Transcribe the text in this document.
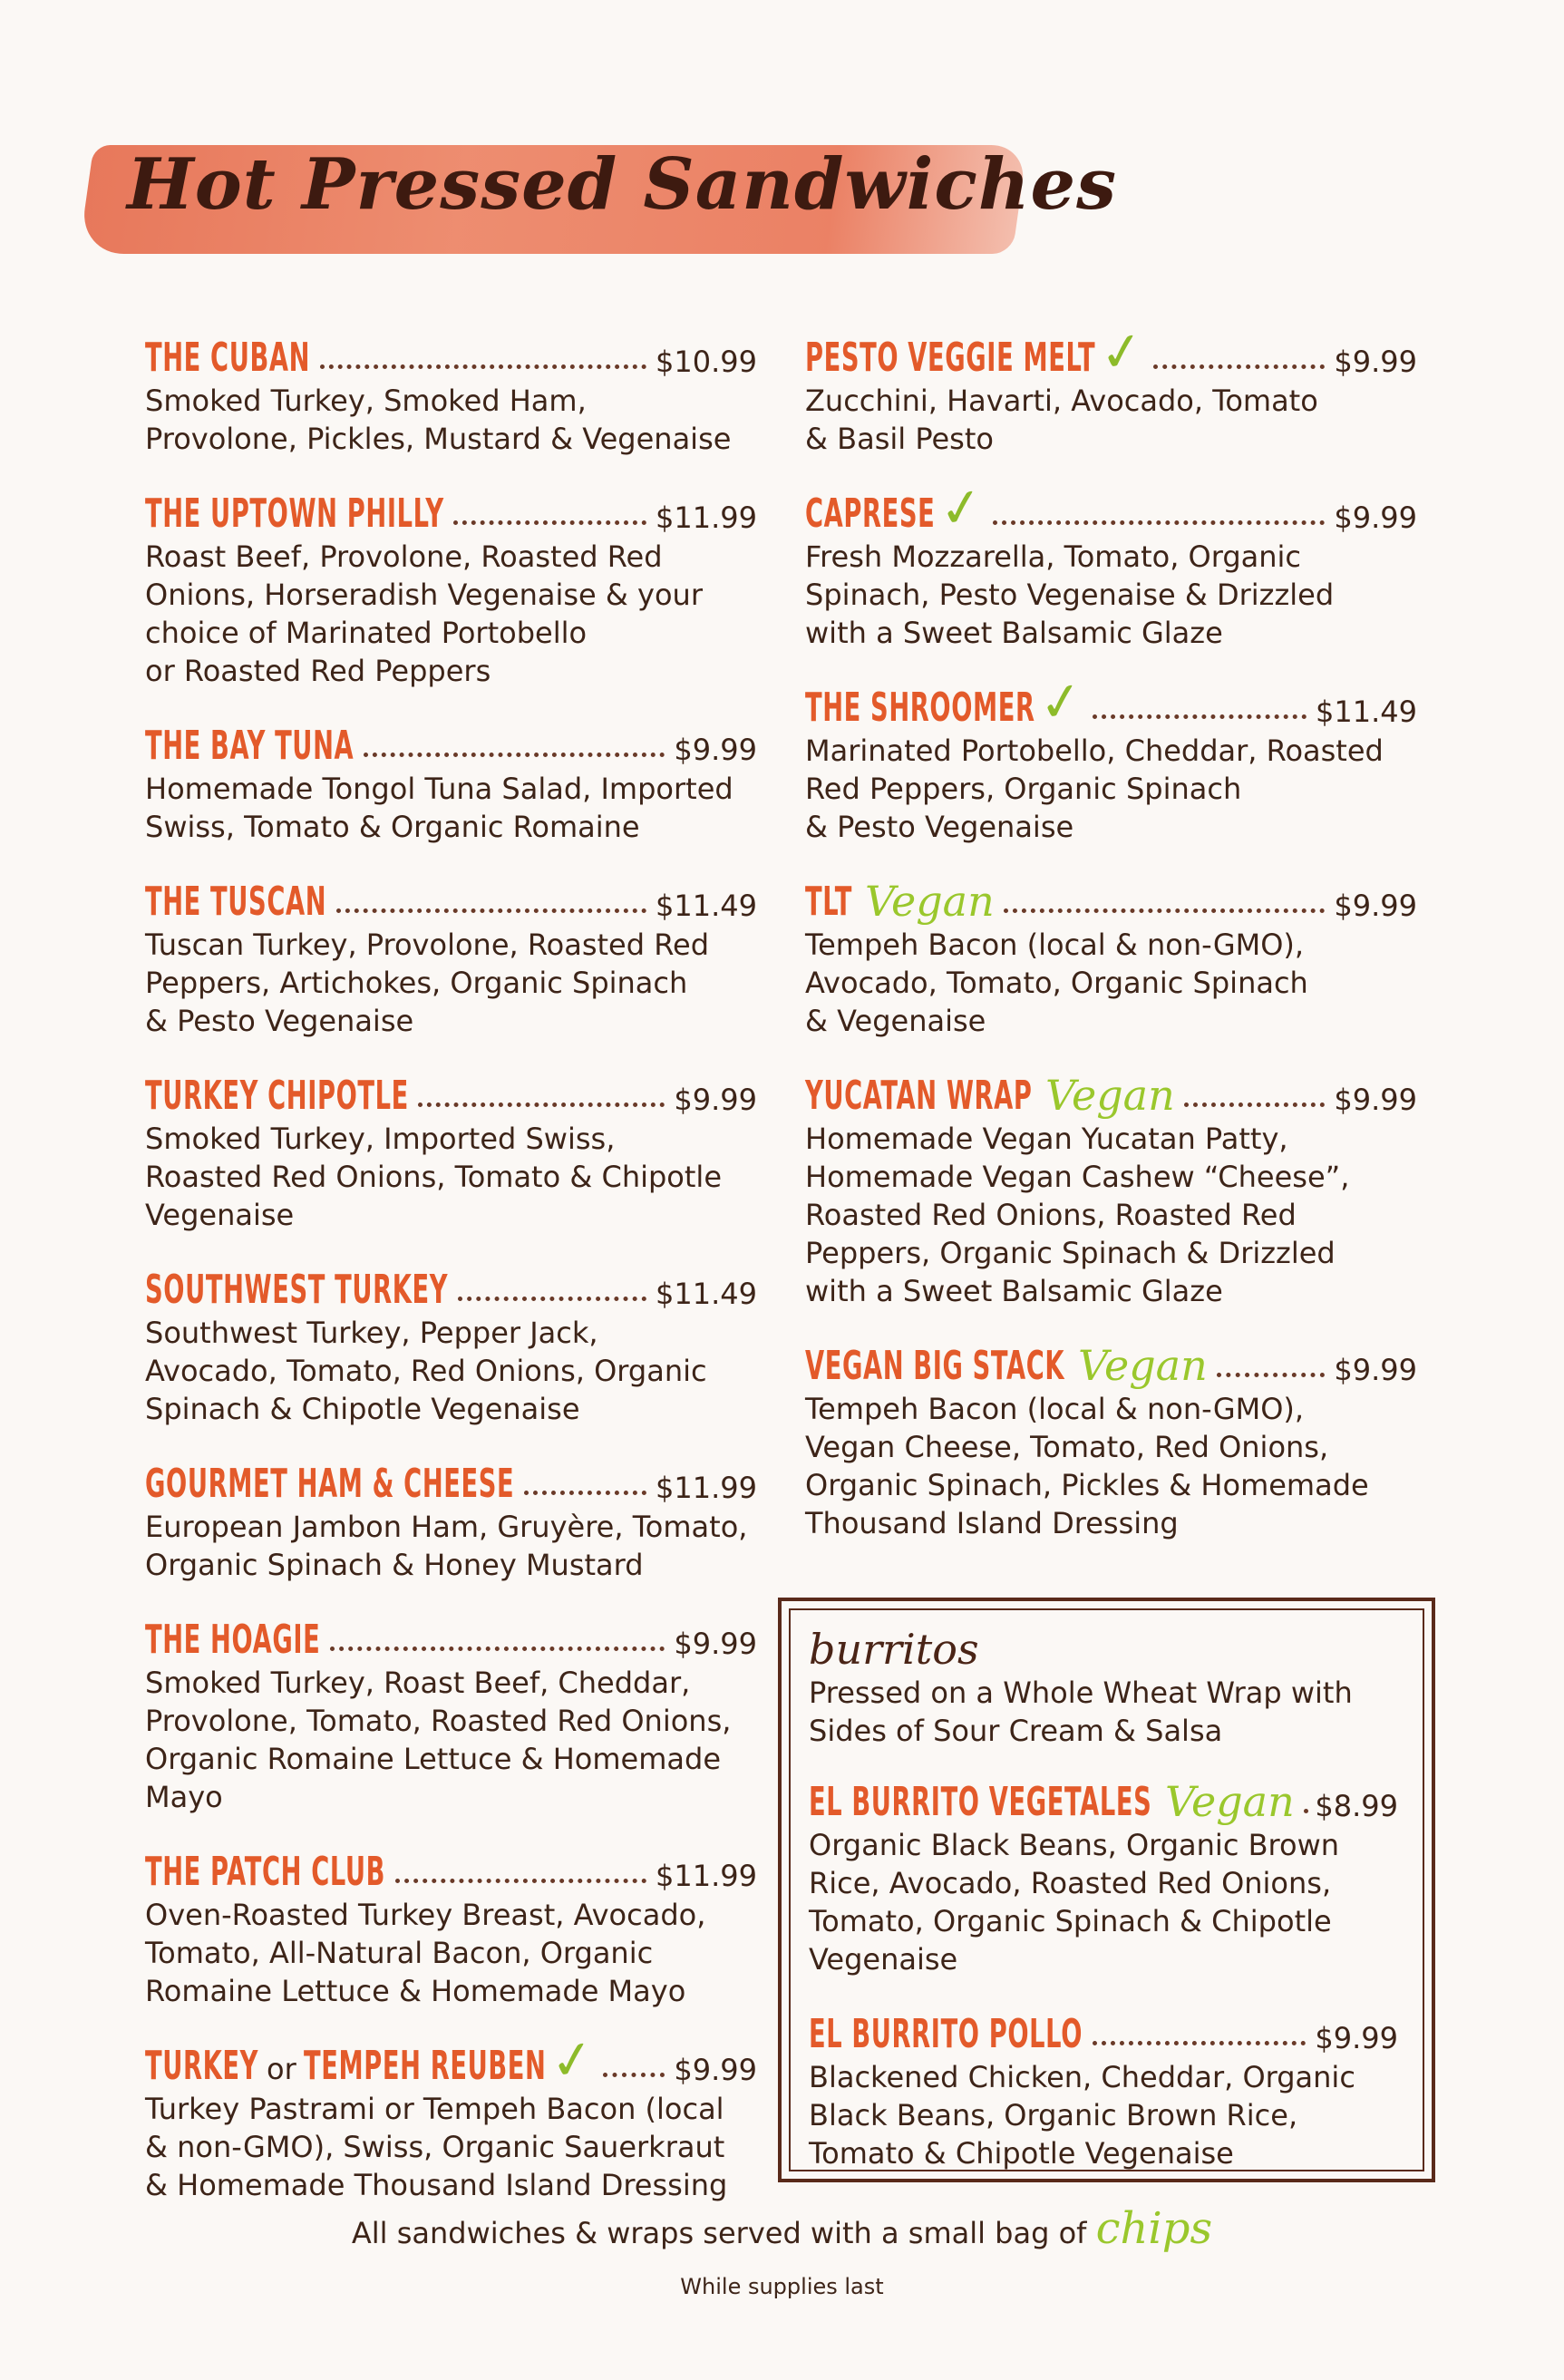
Hot Pressed Sandwiches
THE CUBAN	$10.99
Smoked Turkey, Smoked Ham,
Provolone, Pickles, Mustard & Vegenaise
THE UPTOWN PHILLY	$11.99
Roast Beef, Provolone, Roasted Red
Onions, Horseradish Vegenaise & your
choice of Marinated Portobello
or Roasted Red Peppers
THE BAY TUNA	$9.99
Homemade Tongol Tuna Salad, Imported
Swiss, Tomato & Organic Romaine
THE TUSCAN	$11.49
Tuscan Turkey, Provolone, Roasted Red
Peppers, Artichokes, Organic Spinach
& Pesto Vegenaise
TURKEY CHIPOTLE	$9.99
Smoked Turkey, Imported Swiss,
Roasted Red Onions, Tomato & Chipotle
Vegenaise
SOUTHWEST TURKEY	$11.49
Southwest Turkey, Pepper Jack,
Avocado, Tomato, Red Onions, Organic
Spinach & Chipotle Vegenaise
GOURMET HAM & CHEESE	$11.99
European Jambon Ham, Gruyère, Tomato,
Organic Spinach & Honey Mustard
THE HOAGIE	$9.99
Smoked Turkey, Roast Beef, Cheddar,
Provolone, Tomato, Roasted Red Onions,
Organic Romaine Lettuce & Homemade
Mayo
THE PATCH CLUB	$11.99
Oven-Roasted Turkey Breast, Avocado,
Tomato, All-Natural Bacon, Organic
Romaine Lettuce & Homemade Mayo
TURKEY or TEMPEH REUBEN ✓	$9.99
Turkey Pastrami or Tempeh Bacon (local
& non-GMO), Swiss, Organic Sauerkraut
& Homemade Thousand Island Dressing
PESTO VEGGIE MELT ✓	$9.99
Zucchini, Havarti, Avocado, Tomato
& Basil Pesto
CAPRESE ✓	$9.99
Fresh Mozzarella, Tomato, Organic
Spinach, Pesto Vegenaise & Drizzled
with a Sweet Balsamic Glaze
THE SHROOMER ✓	$11.49
Marinated Portobello, Cheddar, Roasted
Red Peppers, Organic Spinach
& Pesto Vegenaise
TLT Vegan	$9.99
Tempeh Bacon (local & non-GMO),
Avocado, Tomato, Organic Spinach
& Vegenaise
YUCATAN WRAP Vegan	$9.99
Homemade Vegan Yucatan Patty,
Homemade Vegan Cashew “Cheese”,
Roasted Red Onions, Roasted Red
Peppers, Organic Spinach & Drizzled
with a Sweet Balsamic Glaze
VEGAN BIG STACK Vegan	$9.99
Tempeh Bacon (local & non-GMO),
Vegan Cheese, Tomato, Red Onions,
Organic Spinach, Pickles & Homemade
Thousand Island Dressing
burritos
Pressed on a Whole Wheat Wrap with
Sides of Sour Cream & Salsa
EL BURRITO VEGETALES Vegan $8.99
Organic Black Beans, Organic Brown
Rice, Avocado, Roasted Red Onions,
Tomato, Organic Spinach & Chipotle
Vegenaise
EL BURRITO POLLO	$9.99
Blackened Chicken, Cheddar, Organic
Black Beans, Organic Brown Rice,
Tomato & Chipotle Vegenaise
All sandwiches & wraps served with a small bag of chips
While supplies last
